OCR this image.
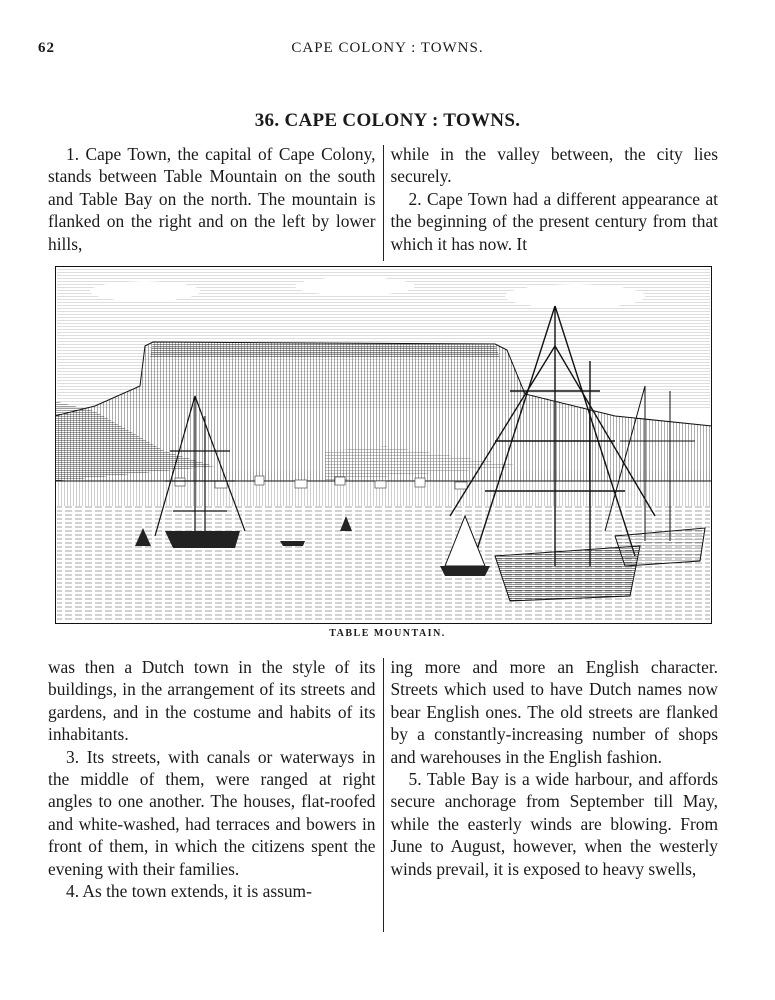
62	CAPE COLONY : TOWNS.
36. CAPE COLONY : TOWNS.

1. Cape Town, the capital of Cape Colony, stands between Table Mountain on the south and Table Bay on the north. The mountain is flanked on the right and on the left by lower hills,

while in the valley between, the city lies securely.

2. Cape Town had a different appearance at the beginning of the present century from that which it has now. It

TABLE MOUNTAIN.

was then a Dutch town in the style of its buildings, in the arrangement of its streets and gardens, and in the costume and habits of its inhabitants.

3. Its streets, with canals or waterways in the middle of them, were ranged at right angles to one another. The houses, flat-roofed and white-washed, had terraces and bowers in front of them, in which the citizens spent the evening with their families.

4. As the town extends, it is assum-

ing more and more an English character. Streets which used to have Dutch names now bear English ones. The old streets are flanked by a constantly-increasing number of shops and warehouses in the English fashion.

5. Table Bay is a wide harbour, and affords secure anchorage from September till May, while the easterly winds are blowing. From June to August, however, when the westerly winds prevail, it is exposed to heavy swells,
